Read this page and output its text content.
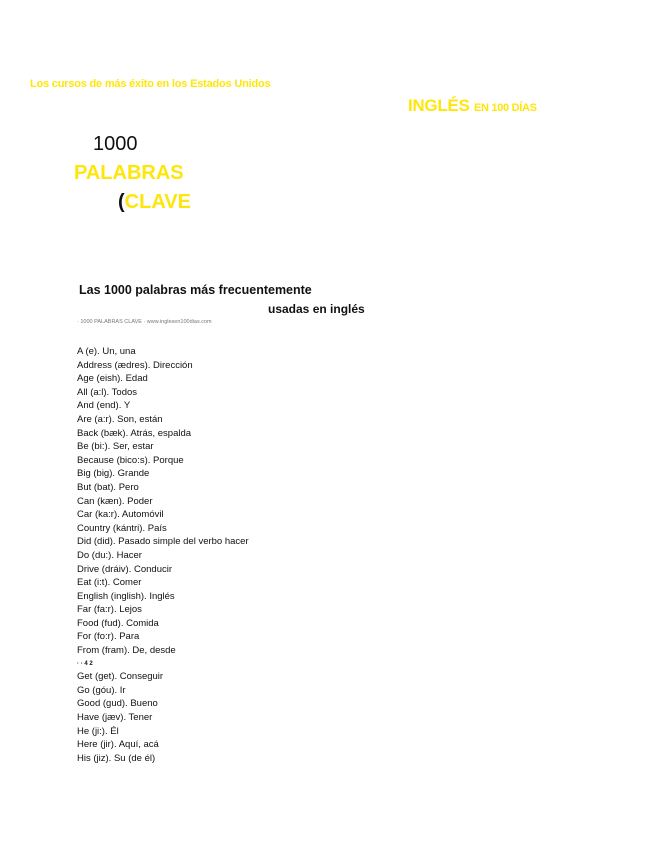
Los cursos de más éxito en los Estados Unidos
INGLÉS EN 100 DÍAS
1000
PALABRAS
(CLAVE
Las 1000 palabras más frecuentemente
usadas en inglés
· 1000 PALABRAS CLAVE · www.inglesen100dias.com
A (e). Un, una
Address (ædres). Dirección
Age (eish). Edad
All (a:l). Todos
And (end). Y
Are (a:r). Son, están
Back (bæk). Atrás, espalda
Be (bi:). Ser, estar
Because (bico:s). Porque
Big (big). Grande
But (bat). Pero
Can (kæn). Poder
Car (ka:r). Automóvil
Country (kántri). País
Did (did). Pasado simple del verbo hacer
Do (du:). Hacer
Drive (dráiv). Conducir
Eat (i:t). Comer
English (inglish). Inglés
Far (fa:r). Lejos
Food (fud). Comida
For (fo:r). Para
From (fram). De, desde
· · 4 2
Get (get). Conseguir
Go (góu). Ir
Good (gud). Bueno
Have (jæv). Tener
He (ji:). Él
Here (jir). Aquí, acá
His (jiz). Su (de él)
